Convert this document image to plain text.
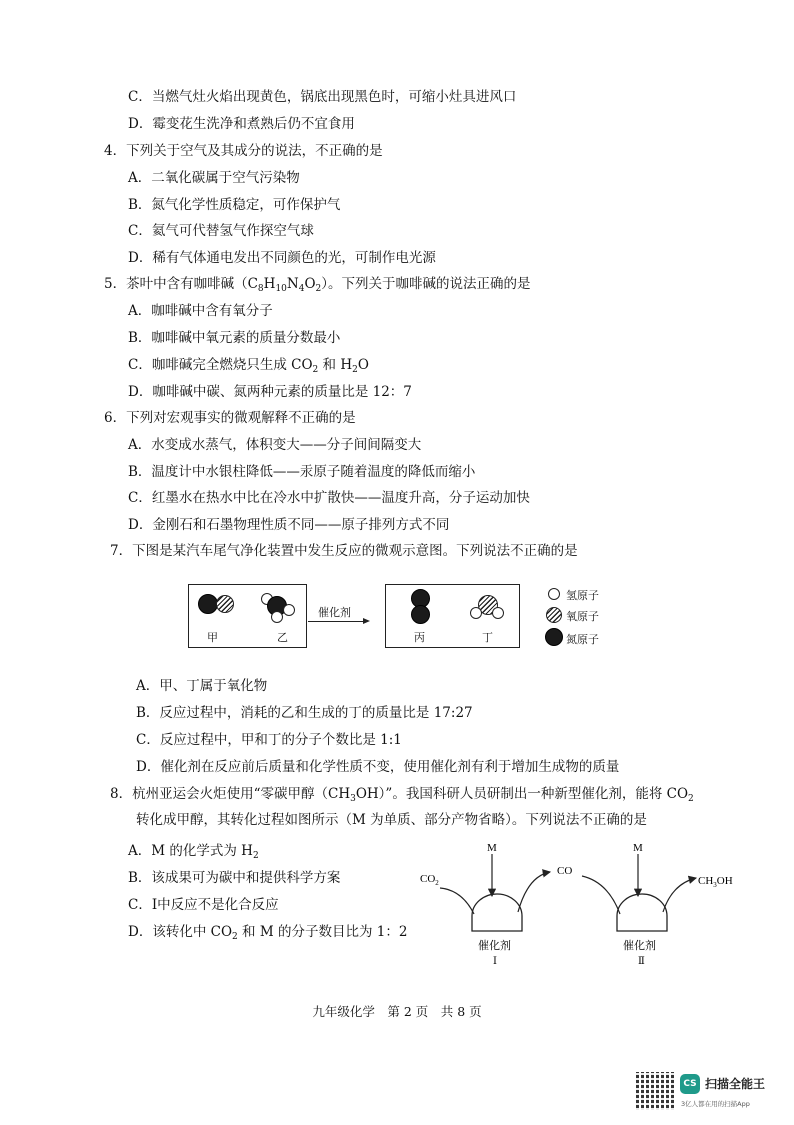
C．当燃气灶火焰出现黄色，锅底出现黑色时，可缩小灶具进风口
D．霉变花生洗净和煮熟后仍不宜食用
4．下列关于空气及其成分的说法，不正确的是
A．二氧化碳属于空气污染物
B．氮气化学性质稳定，可作保护气
C．氦气可代替氢气作探空气球
D．稀有气体通电发出不同颜色的光，可制作电光源
5．茶叶中含有咖啡碱$(C_8H_{10}N_4O_2)$。下列关于咖啡碱的说法正确的是
A．咖啡碱中含有氧分子
B．咖啡碱中氧元素的质量分数最小
C．咖啡碱完全燃烧只生成 $CO_2$ 和 $H_2O$
D．咖啡碱中碳、氮两种元素的质量比是 12：7
6．下列对宏观事实的微观解释不正确的是
A．水变成水蒸气，体积变大——分子间间隔变大
B．温度计中水银柱降低——汞原子随着温度的降低而缩小
C．红墨水在热水中比在冷水中扩散快——温度升高，分子运动加快
D．金刚石和石墨物理性质不同——原子排列方式不同
7．下图是某汽车尾气净化装置中发生反应的微观示意图。下列说法不正确的是
甲	乙
催化剂
丙	丁
氢原子
氧原子
氮原子
A．甲、丁属于氧化物
B．反应过程中，消耗的乙和生成的丁的质量比是 17:27
C．反应过程中，甲和丁的分子个数比是 1:1
D．催化剂在反应前后质量和化学性质不变，使用催化剂有利于增加生成物的质量
8．杭州亚运会火炬使用“零碳甲醇$(CH_3OH)$”。我国科研人员研制出一种新型催化剂，能将 $CO_2$
转化成甲醇，其转化过程如图所示（M 为单质、部分产物省略）。下列说法不正确的是
A．M 的化学式为 $H_2$
B．该成果可为碳中和提供科学方案
C．Ⅰ中反应不是化合反应
D．该转化中 $CO_2$ 和 M 的分子数目比为 1：2
$CO_2$
M
CO
M
$CH_3OH$
催化剂
Ⅰ
催化剂
Ⅱ
九年级化学　第 2 页　共 8 页
CS 扫描全能王
3亿人都在用的扫描App
